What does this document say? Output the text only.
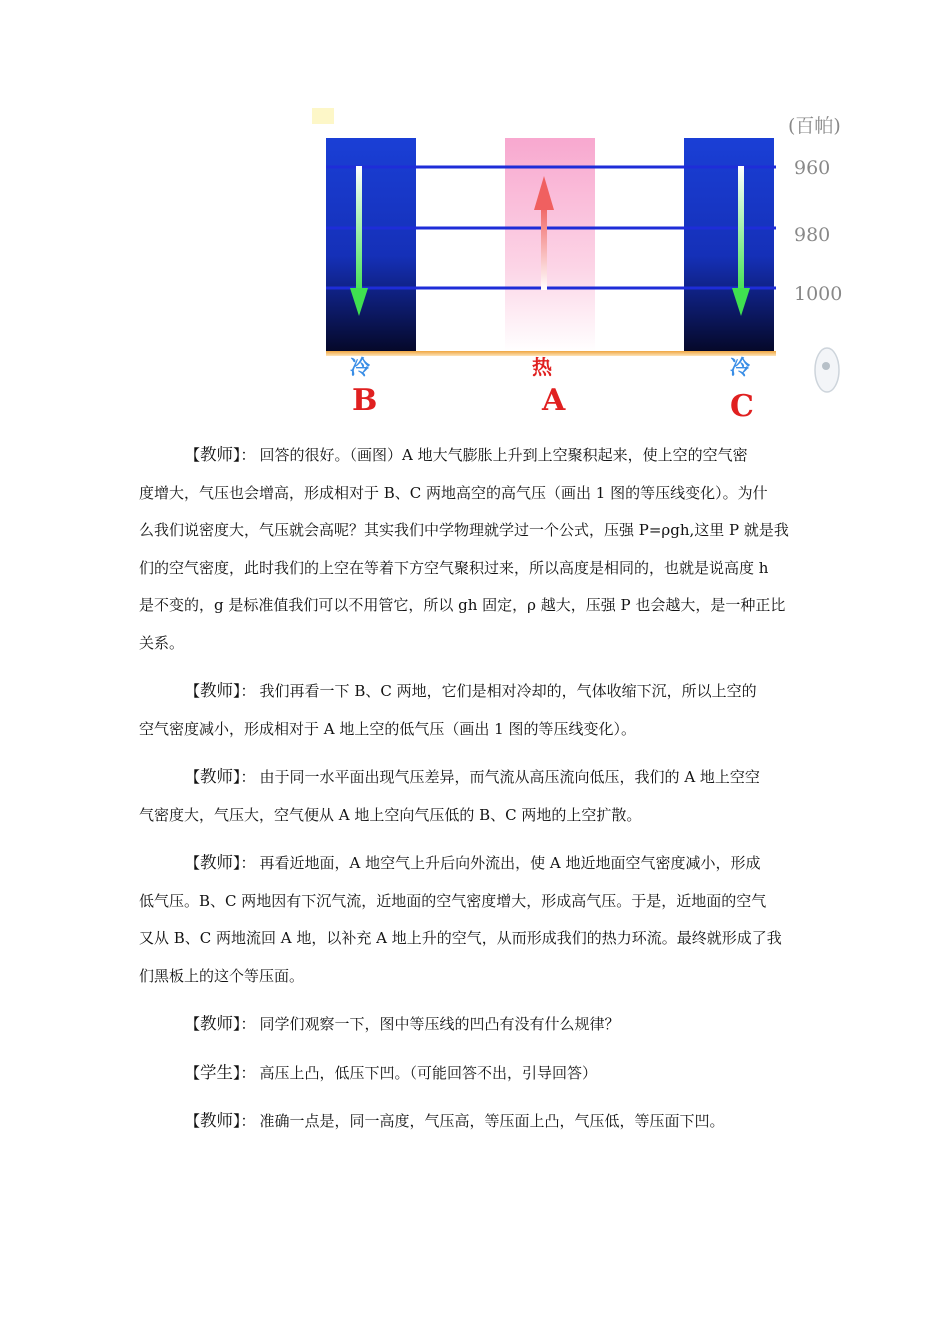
(百帕)
960
980
1000
冷	热	冷
B	A	C

【教师】： 回答的很好。（画图）A 地大气膨胀上升到上空聚积起来，使上空的空气密
度增大，气压也会增高，形成相对于 B、C 两地高空的高气压（画出 1 图的等压线变化）。为什
么我们说密度大，气压就会高呢？其实我们中学物理就学过一个公式，压强 P=ρgh,这里 P 就是我
们的空气密度，此时我们的上空在等着下方空气聚积过来，所以高度是相同的，也就是说高度 h
是不变的，g 是标准值我们可以不用管它，所以 gh 固定，ρ 越大，压强 P 也会越大，是一种正比
关系。

【教师】： 我们再看一下 B、C 两地，它们是相对冷却的，气体收缩下沉，所以上空的
空气密度减小，形成相对于 A 地上空的低气压（画出 1 图的等压线变化）。

【教师】： 由于同一水平面出现气压差异，而气流从高压流向低压，我们的 A 地上空空
气密度大，气压大，空气便从 A 地上空向气压低的 B、C 两地的上空扩散。

【教师】： 再看近地面，A 地空气上升后向外流出，使 A 地近地面空气密度减小，形成
低气压。B、C 两地因有下沉气流，近地面的空气密度增大，形成高气压。于是，近地面的空气
又从 B、C 两地流回 A 地，以补充 A 地上升的空气，从而形成我们的热力环流。最终就形成了我
们黑板上的这个等压面。

【教师】： 同学们观察一下，图中等压线的凹凸有没有什么规律？

【学生】： 高压上凸，低压下凹。（可能回答不出，引导回答）

【教师】： 准确一点是，同一高度，气压高，等压面上凸，气压低，等压面下凹。
